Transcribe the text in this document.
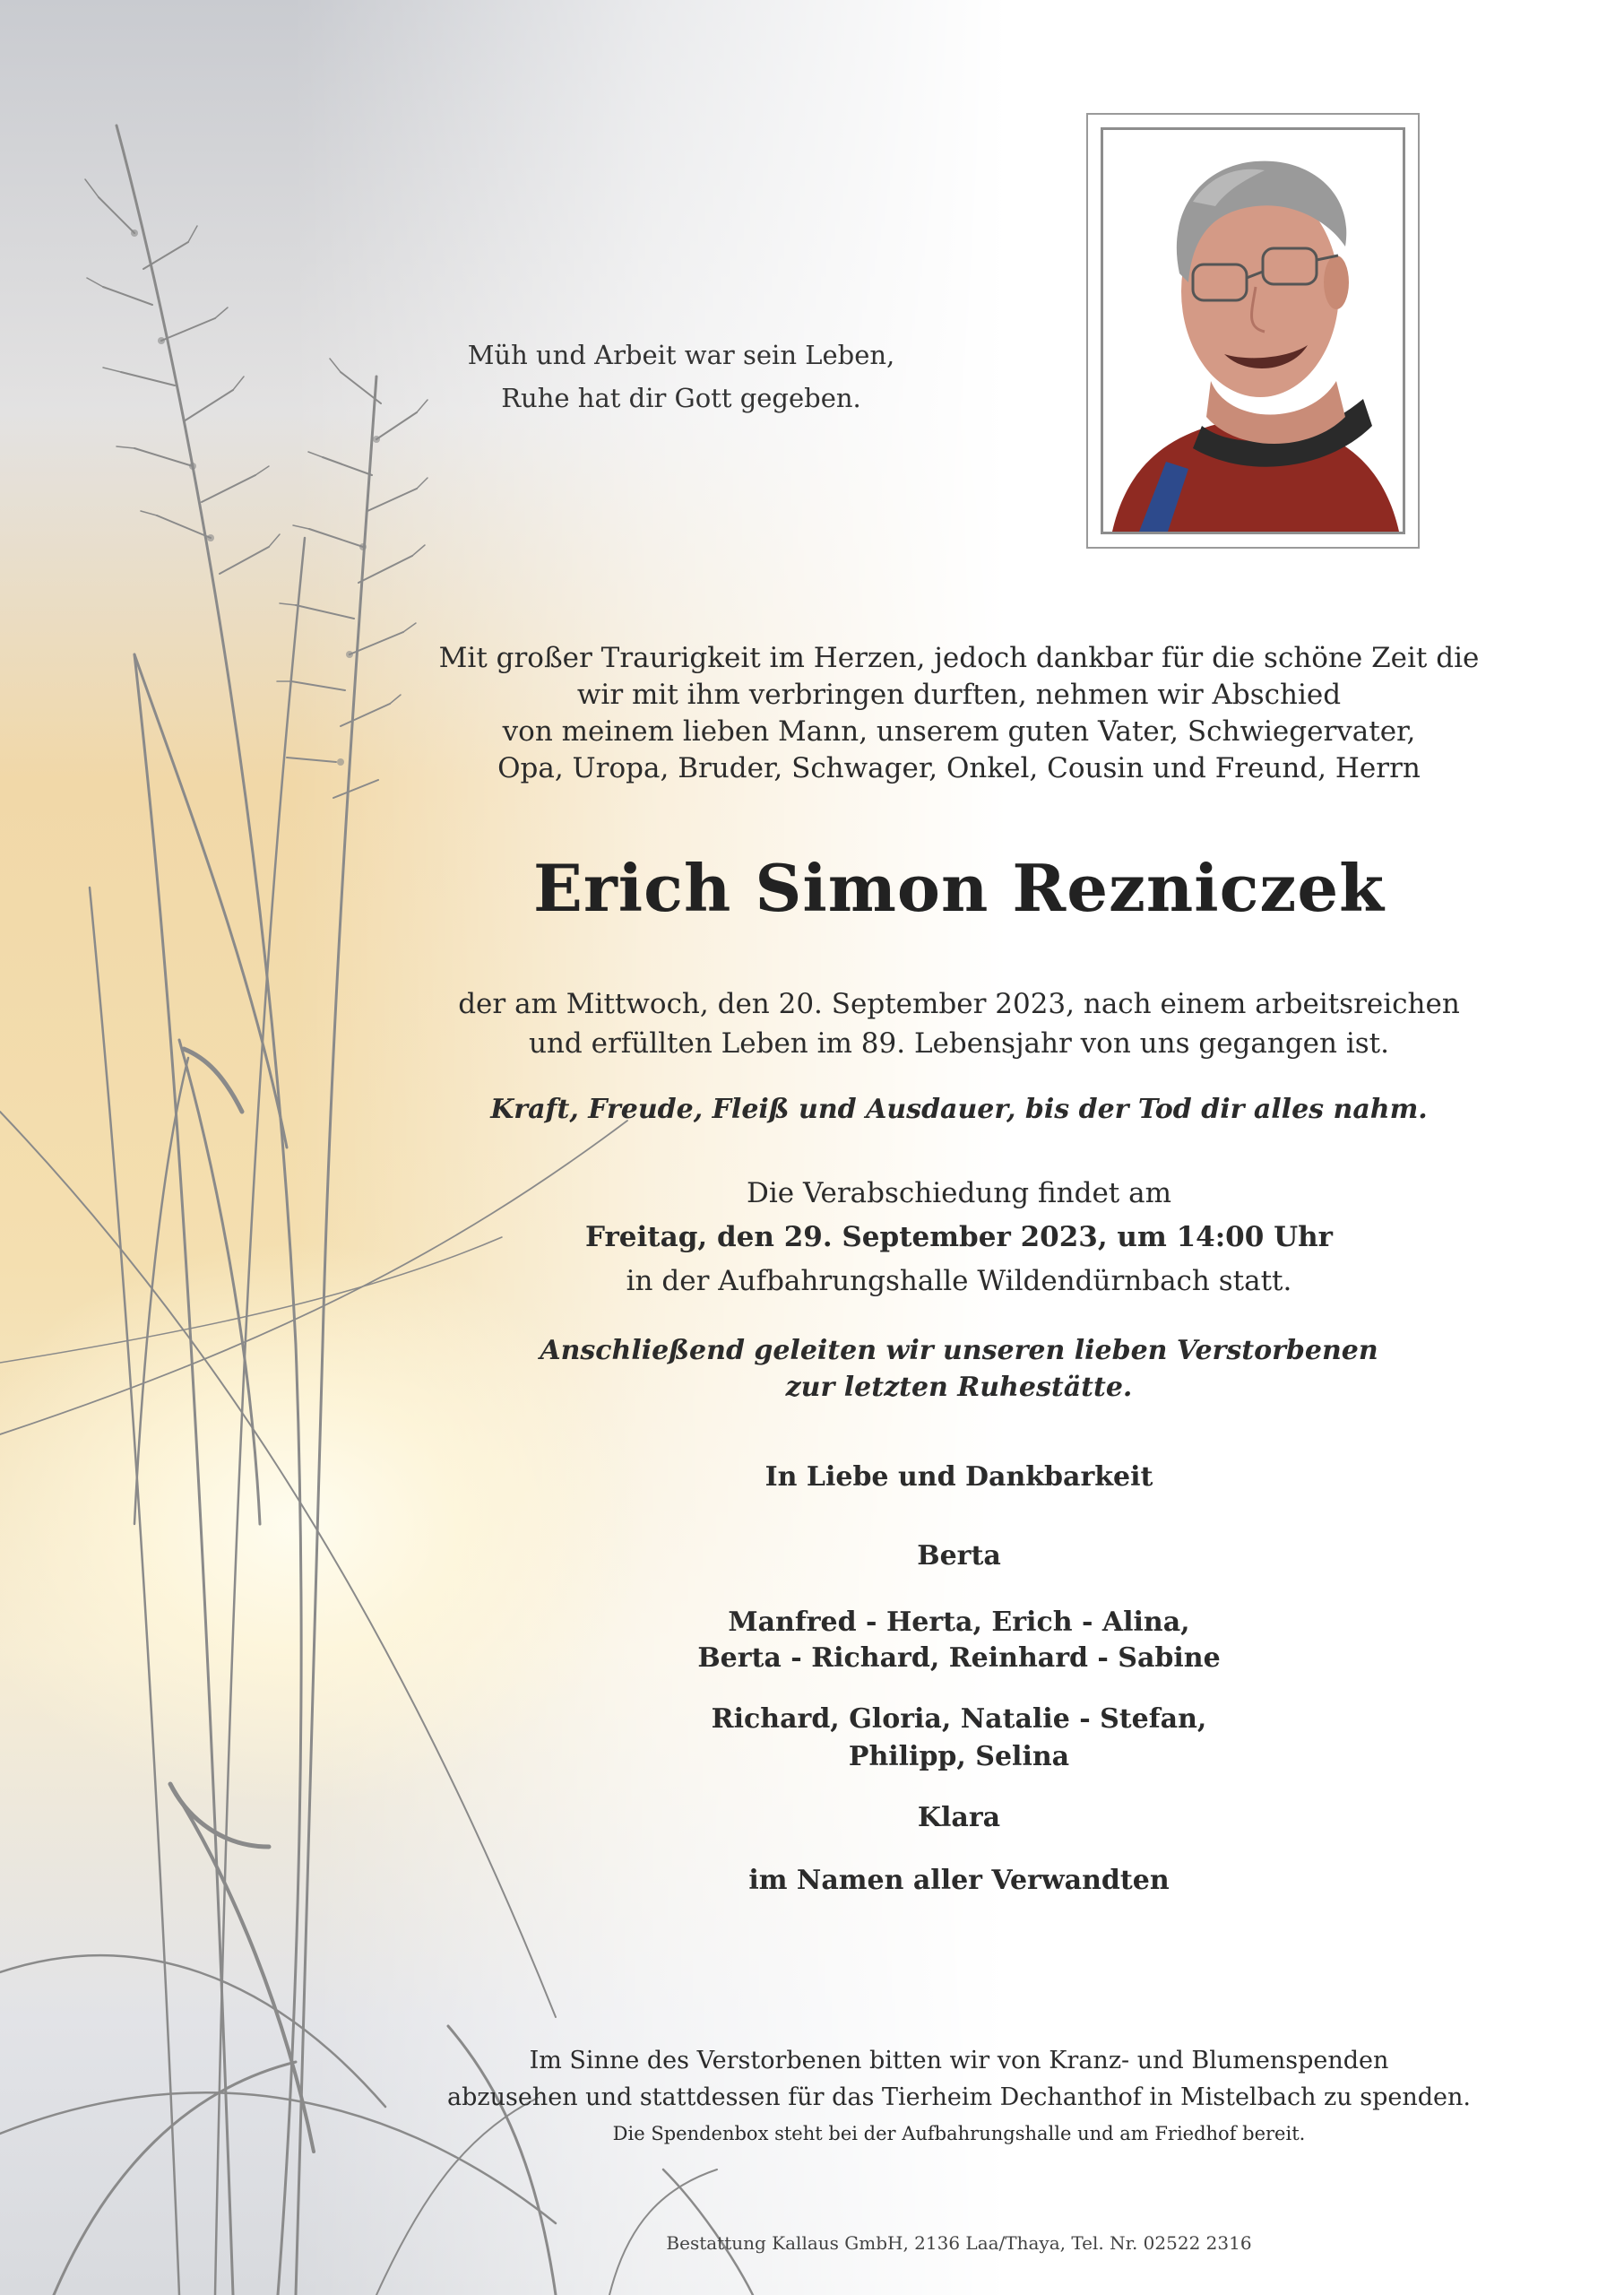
Müh und Arbeit war sein Leben,
Ruhe hat dir Gott gegeben.
Mit großer Traurigkeit im Herzen, jedoch dankbar für die schöne Zeit die
wir mit ihm verbringen durften, nehmen wir Abschied
von meinem lieben Mann, unserem guten Vater, Schwiegervater,
Opa, Uropa, Bruder, Schwager, Onkel, Cousin und Freund, Herrn
Erich Simon Rezniczek
der am Mittwoch, den 20. September 2023, nach einem arbeitsreichen
und erfüllten Leben im 89. Lebensjahr von uns gegangen ist.
Kraft, Freude, Fleiß und Ausdauer, bis der Tod dir alles nahm.
Die Verabschiedung findet am
Freitag, den 29. September 2023, um 14:00 Uhr
in der Aufbahrungshalle Wildendürnbach statt.
Anschließend geleiten wir unseren lieben Verstorbenen
zur letzten Ruhestätte.
In Liebe und Dankbarkeit
Berta
Manfred - Herta, Erich - Alina,
Berta - Richard, Reinhard - Sabine
Richard, Gloria, Natalie - Stefan,
Philipp, Selina
Klara
im Namen aller Verwandten
Im Sinne des Verstorbenen bitten wir von Kranz- und Blumenspenden
abzusehen und stattdessen für das Tierheim Dechanthof in Mistelbach zu spenden.
Die Spendenbox steht bei der Aufbahrungshalle und am Friedhof bereit.
Bestattung Kallaus GmbH, 2136 Laa/Thaya, Tel. Nr. 02522 2316
